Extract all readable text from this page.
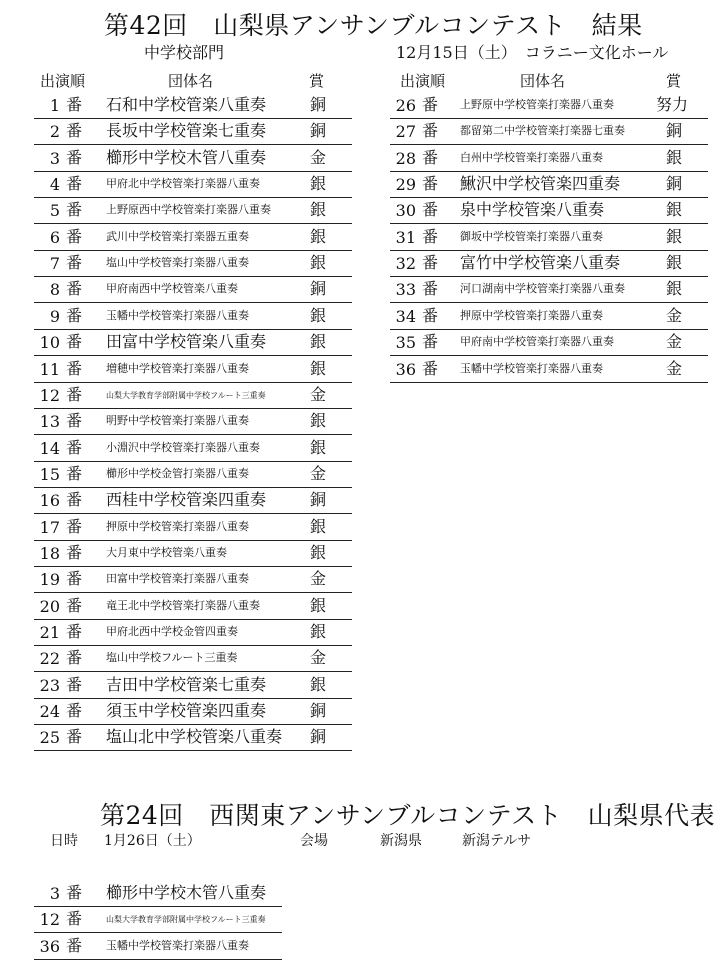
第42回　山梨県アンサンブルコンテスト　結果
中学校部門	12月15日（土）　コラニー文化ホール
出演順	団体名	賞	出演順	団体名	賞
1 番 石和中学校管楽八重奏	銅
2 番 長坂中学校管楽七重奏	銅
3 番 櫛形中学校木管八重奏	金
4 番 甲府北中学校管楽打楽器八重奏	銀
5 番 上野原西中学校管楽打楽器八重奏 銀
6 番 武川中学校管楽打楽器五重奏	銀
7 番 塩山中学校管楽打楽器八重奏	銀
8 番 甲府南西中学校管楽八重奏	銅
9 番 玉幡中学校管楽打楽器八重奏	銀
10 番 田富中学校管楽八重奏	銀
11 番 増穂中学校管楽打楽器八重奏	銀
12 番	山梨大学教育学部附属中学校フルート三重奏	金
13 番 明野中学校管楽打楽器八重奏	銀
14 番 小淵沢中学校管楽打楽器八重奏	銀
15 番 櫛形中学校金管打楽器八重奏	金
16 番 西桂中学校管楽四重奏	銅
17 番 押原中学校管楽打楽器八重奏	銀
18 番 大月東中学校管楽八重奏	銀
19 番 田富中学校管楽打楽器八重奏	金
20 番 竜王北中学校管楽打楽器八重奏	銀
21 番 甲府北西中学校金管四重奏	銀
22 番 塩山中学校フルート三重奏	金
23 番 吉田中学校管楽七重奏	銀
24 番 須玉中学校管楽四重奏	銅
25 番 塩山北中学校管楽八重奏 銅
26 番 上野原中学校管楽打楽器八重奏	努力
27 番 都留第二中学校管楽打楽器七重奏	銅
28 番 白州中学校管楽打楽器八重奏	銀
29 番 鰍沢中学校管楽四重奏	銅
30 番 泉中学校管楽八重奏	銀
31 番 御坂中学校管楽打楽器八重奏	銀
32 番 富竹中学校管楽八重奏	銀
33 番 河口湖南中学校管楽打楽器八重奏	銀
34 番 押原中学校管楽打楽器八重奏	金
35 番 甲府南中学校管楽打楽器八重奏	金
36 番 玉幡中学校管楽打楽器八重奏	金
第24回　西関東アンサンブルコンテスト　山梨県代表
日時 1月26日（土）	会場	新潟県	新潟テルサ
3 番 櫛形中学校木管八重奏
12 番	山梨大学教育学部附属中学校フルート三重奏
36 番 玉幡中学校管楽打楽器八重奏
